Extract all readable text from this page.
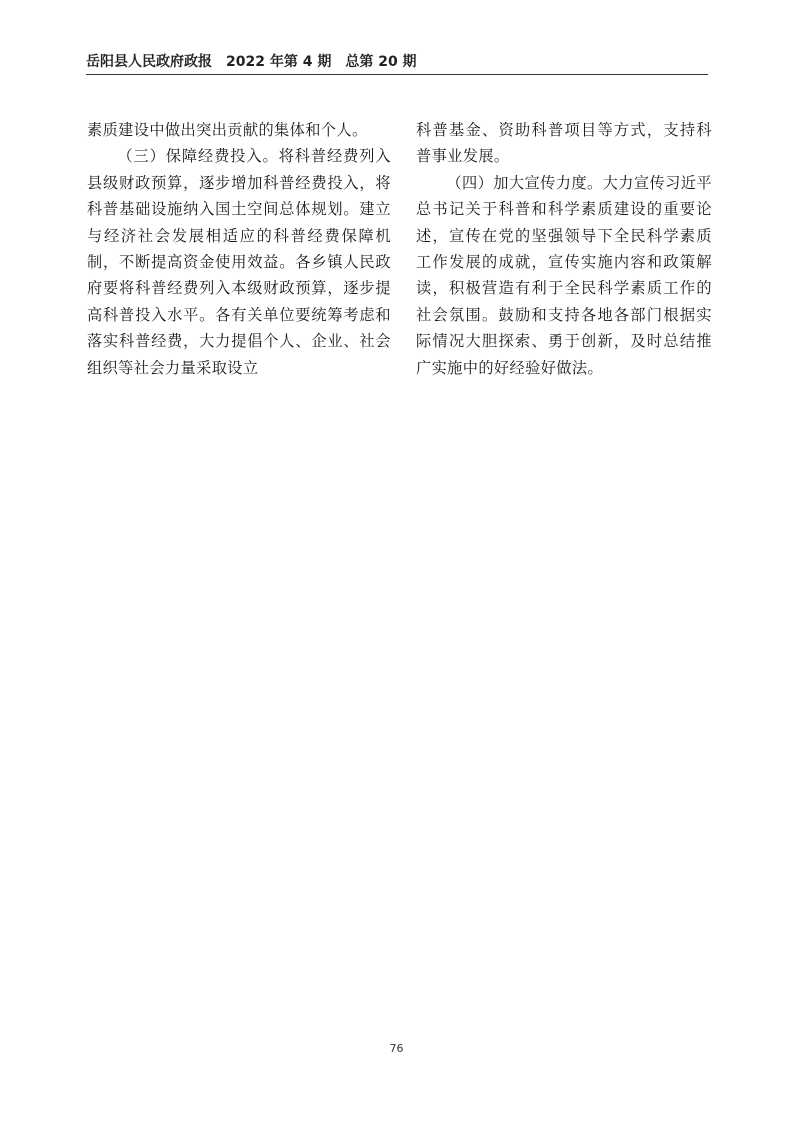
岳阳县人民政府政报　2022 年第 4 期　总第 20 期

素质建设中做出突出贡献的集体和个人。

（三）保障经费投入。将科普经费列入县级财政预算，逐步增加科普经费投入，将科普基础设施纳入国土空间总体规划。建立与经济社会发展相适应的科普经费保障机制，不断提高资金使用效益。各乡镇人民政府要将科普经费列入本级财政预算，逐步提高科普投入水平。各有关单位要统筹考虑和落实科普经费，大力提倡个人、企业、社会组织等社会力量采取设立

科普基金、资助科普项目等方式，支持科普事业发展。

（四）加大宣传力度。大力宣传习近平总书记关于科普和科学素质建设的重要论述，宣传在党的坚强领导下全民科学素质工作发展的成就，宣传实施内容和政策解读，积极营造有利于全民科学素质工作的社会氛围。鼓励和支持各地各部门根据实际情况大胆探索、勇于创新，及时总结推广实施中的好经验好做法。

76
